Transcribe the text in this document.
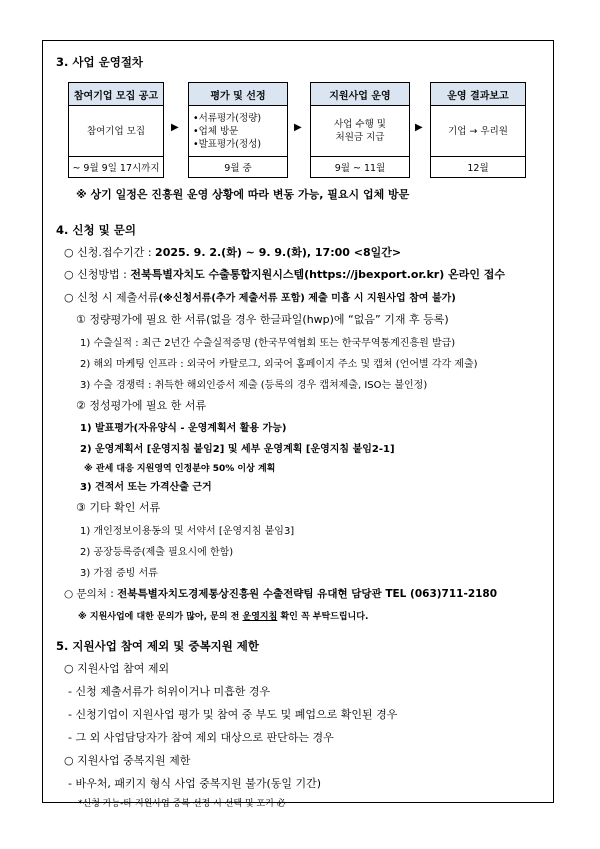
3. 사업 운영절차
참여기업 모집 공고
참여기업 모집
~ 9월 9일 17시까지
▶
평가 및 선정
•서류평가(정량)
•업체 방문
•발표평가(정성)
9월 중
▶
지원사업 운영
사업 수행 및
처원금 지급
9월 ~ 11월
▶
운영 결과보고
기업 → 우리원
12월
※ 상기 일정은 진흥원 운영 상황에 따라 변동 가능, 필요시 업체 방문
4. 신청 및 문의
○ 신청.접수기간 : 2025. 9. 2.(화) ~ 9. 9.(화), 17:00 <8일간>
○ 신청방법 : 전북특별자치도 수출통합지원시스템(https://jbexport.or.kr) 온라인 접수
○ 신청 시 제출서류(※신청서류(추가 제출서류 포함) 제출 미흡 시 지원사업 참여 불가)
① 정량평가에 필요 한 서류(없을 경우 한글파일(hwp)에 “없음” 기재 후 등록)
1) 수출실적 : 최근 2년간 수출실적증명 (한국무역협회 또는 한국무역통계진흥원 발급)
2) 해외 마케팅 인프라 : 외국어 카탈로그, 외국어 홈페이지 주소 및 캡쳐 (언어별 각각 제출)
3) 수출 경쟁력 : 취득한 해외인증서 제출 (등록의 경우 캡쳐제출, ISO는 불인정)
② 정성평가에 필요 한 서류
1) 발표평가(자유양식 - 운영계획서 활용 가능)
2) 운영계획서 [운영지침 붙임2] 및 세부 운영계획 [운영지침 붙임2-1]
※ 관세 대응 지원영역 인정분야 50% 이상 계획
3) 견적서 또는 가격산출 근거
③ 기타 확인 서류
1) 개인정보이용동의 및 서약서 [운영지침 붙임3]
2) 공장등록증(제출 필요시에 한함)
3) 가점 증빙 서류
○ 문의처 : 전북특별자치도경제통상진흥원 수출전략팀 유대현 담당관 TEL (063)711-2180
※ 지원사업에 대한 문의가 많아, 문의 전 운영지침 확인 꼭 부탁드립니다.
5. 지원사업 참여 제외 및 중복지원 제한
○ 지원사업 참여 제외
- 신청 제출서류가 허위이거나 미흡한 경우
- 신청기업이 지원사업 평가 및 참여 중 부도 및 폐업으로 확인된 경우
- 그 외 사업담당자가 참여 제외 대상으로 판단하는 경우
○ 지원사업 중복지원 제한
- 바우처, 패키지 형식 사업 중복지원 불가(동일 기간)
*신청 가능-타 지원사업 중복 선정 시 선택 및 포기 必
